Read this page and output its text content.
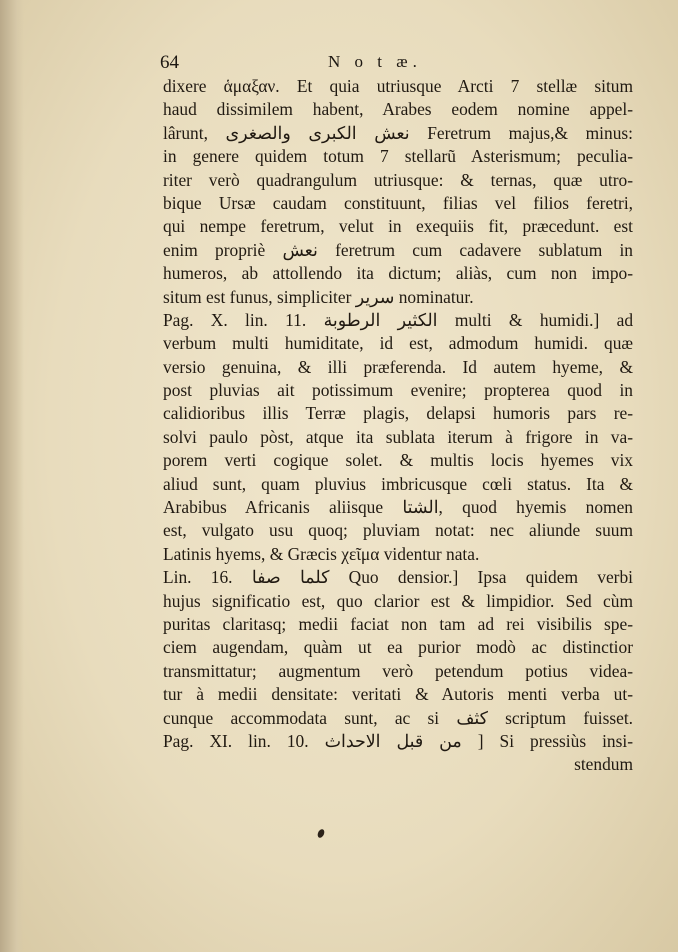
64	N o t æ.
dixere ἁμαξαν. Et quia utriusque Arcti 7 stellæ situm
haud dissimilem habent, Arabes eodem nomine appel-
lârunt, نعش الكبرى والصغرى Feretrum majus,& minus:
in genere quidem totum 7 stellarũ Asterismum; peculia-
riter verò quadrangulum utriusque: & ternas, quæ utro-
bique Ursæ caudam constituunt, filias vel filios feretri,
qui nempe feretrum, velut in exequiis fit, præcedunt. est
enim propriè نعش feretrum cum cadavere sublatum in
humeros, ab attollendo ita dictum; aliàs, cum non impo-
situm est funus, simpliciter سرير nominatur.
Pag. X. lin. 11. الكثير الرطوبة multi & humidi.] ad
verbum multi humiditate, id est, admodum humidi. quæ
versio genuina, & illi præferenda. Id autem hyeme, &
post pluvias ait potissimum evenire; propterea quod in
calidioribus illis Terræ plagis, delapsi humoris pars re-
solvi paulo pòst, atque ita sublata iterum à frigore in va-
porem verti cogique solet. & multis locis hyemes vix
aliud sunt, quam pluvius imbricusque cœli status. Ita &
Arabibus Africanis aliisque الشتا, quod hyemis nomen
est, vulgato usu quoq; pluviam notat: nec aliunde suum
Latinis hyems, & Græcis χεῖμα videntur nata.
Lin. 16. كلما صفا Quo densior.] Ipsa quidem verbi
hujus significatio est, quo clarior est & limpidior. Sed cùm
puritas claritasq; medii faciat non tam ad rei visibilis spe-
ciem augendam, quàm ut ea purior modò ac distinctior
transmittatur; augmentum verò petendum potius videa-
tur à medii densitate: veritati & Autoris menti verba ut-
cunque accommodata sunt, ac si كثف scriptum fuisset.
Pag. XI. lin. 10. من قبل الاحداث ] Si pressiùs insi-
stendum
